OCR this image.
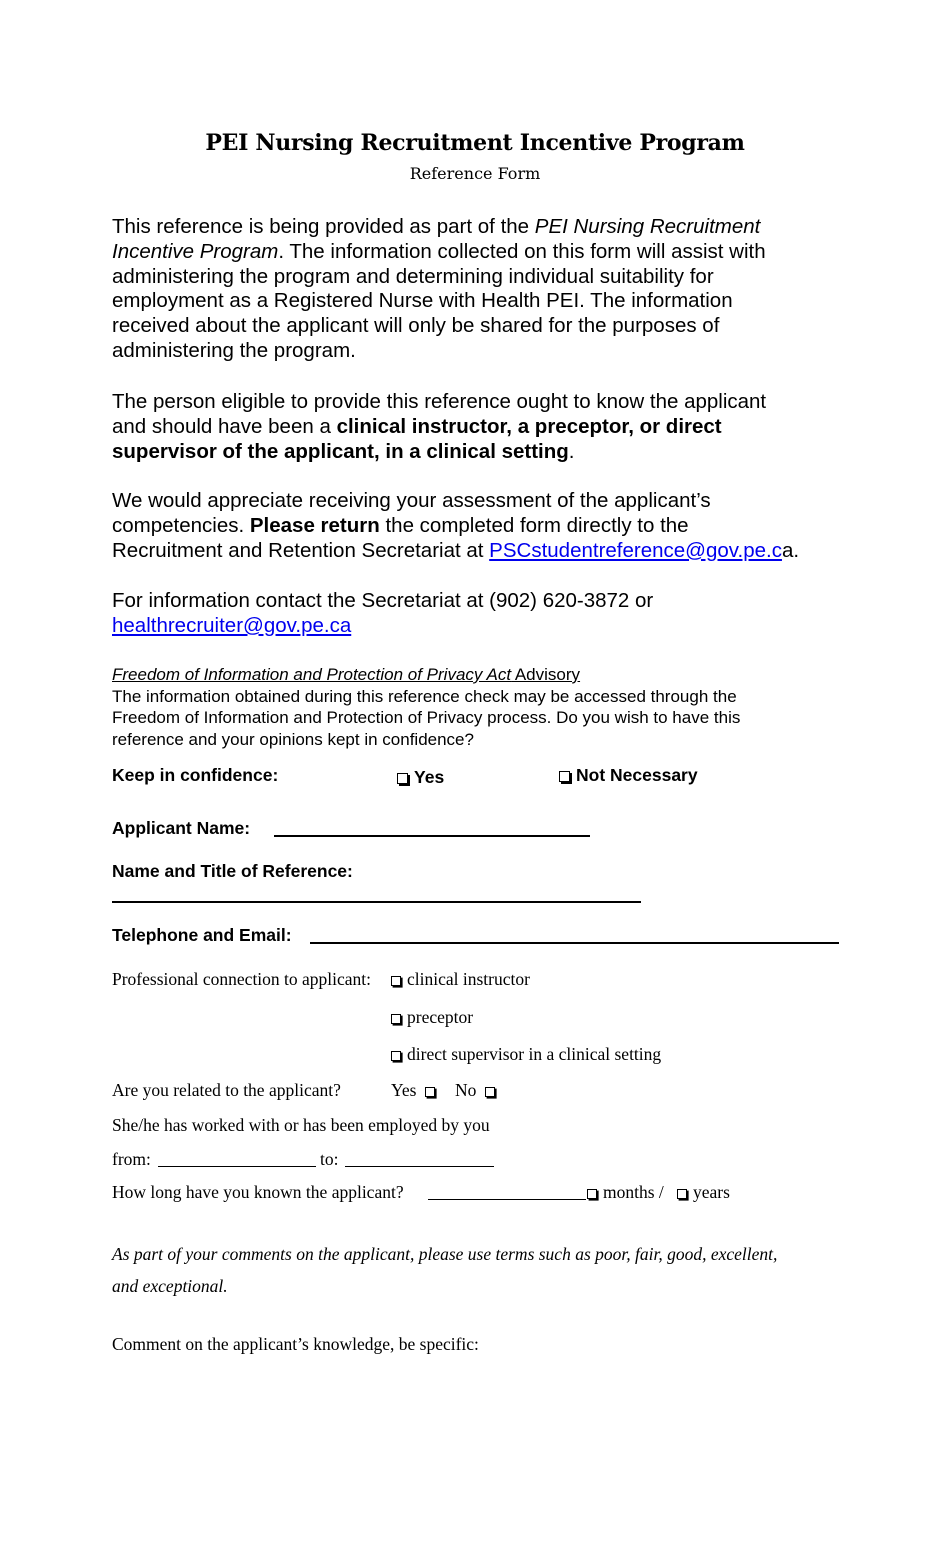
PEI Nursing Recruitment Incentive Program
Reference Form
This reference is being provided as part of the PEI Nursing Recruitment
Incentive Program. The information collected on this form will assist with
administering the program and determining individual suitability for
employment as a Registered Nurse with Health PEI. The information
received about the applicant will only be shared for the purposes of
administering the program.
The person eligible to provide this reference ought to know the applicant
and should have been a clinical instructor, a preceptor, or direct
supervisor of the applicant, in a clinical setting.
We would appreciate receiving your assessment of the applicant’s
competencies. Please return the completed form directly to the
Recruitment and Retention Secretariat at PSCstudentreference@gov.pe.ca.
For information contact the Secretariat at (902) 620-3872 or
healthrecruiter@gov.pe.ca
Freedom of Information and Protection of Privacy Act Advisory
The information obtained during this reference check may be accessed through the
Freedom of Information and Protection of Privacy process. Do you wish to have this
reference and your opinions kept in confidence?
Keep in confidence:	Yes	Not Necessary
Applicant Name:
Name and Title of Reference:
Telephone and Email:
Professional connection to applicant:	clinical instructor
preceptor
direct supervisor in a clinical setting
Are you related to the applicant?	Yes	No
She/he has worked with or has been employed by you
from:	to:
How long have you known the applicant?	months /	years
As part of your comments on the applicant, please use terms such as poor, fair, good, excellent,
and exceptional.
Comment on the applicant’s knowledge, be specific:
